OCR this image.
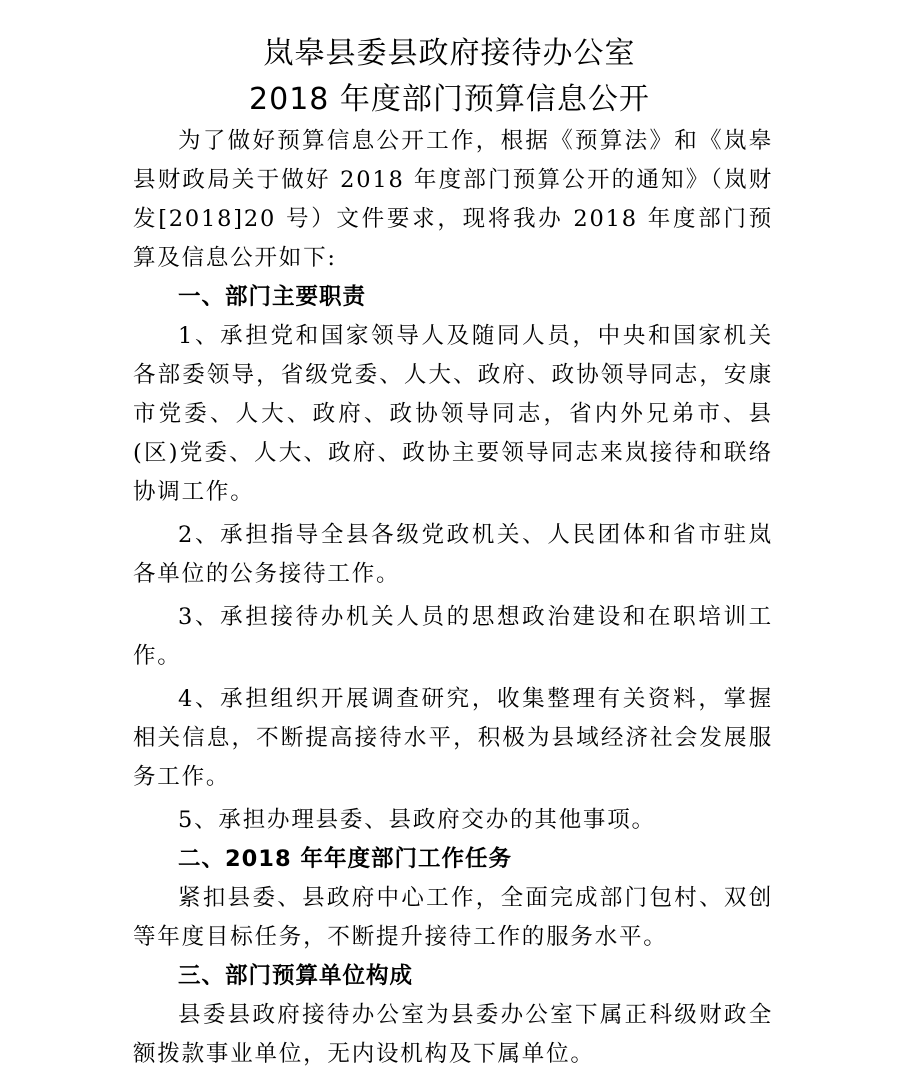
岚皋县委县政府接待办公室
2018 年度部门预算信息公开

为了做好预算信息公开工作，根据《预算法》和《岚皋县财政局关于做好 2018 年度部门预算公开的通知》（岚财发[2018]20 号）文件要求，现将我办 2018 年度部门预算及信息公开如下:

一、部门主要职责

1、承担党和国家领导人及随同人员，中央和国家机关各部委领导，省级党委、人大、政府、政协领导同志，安康市党委、人大、政府、政协领导同志，省内外兄弟市、县(区)党委、人大、政府、政协主要领导同志来岚接待和联络协调工作。

2、承担指导全县各级党政机关、人民团体和省市驻岚各单位的公务接待工作。

3、承担接待办机关人员的思想政治建设和在职培训工作。

4、承担组织开展调查研究，收集整理有关资料，掌握相关信息，不断提高接待水平，积极为县域经济社会发展服务工作。

5、承担办理县委、县政府交办的其他事项。

二、2018 年年度部门工作任务

紧扣县委、县政府中心工作，全面完成部门包村、双创等年度目标任务，不断提升接待工作的服务水平。

三、部门预算单位构成

县委县政府接待办公室为县委办公室下属正科级财政全额拨款事业单位，无内设机构及下属单位。
